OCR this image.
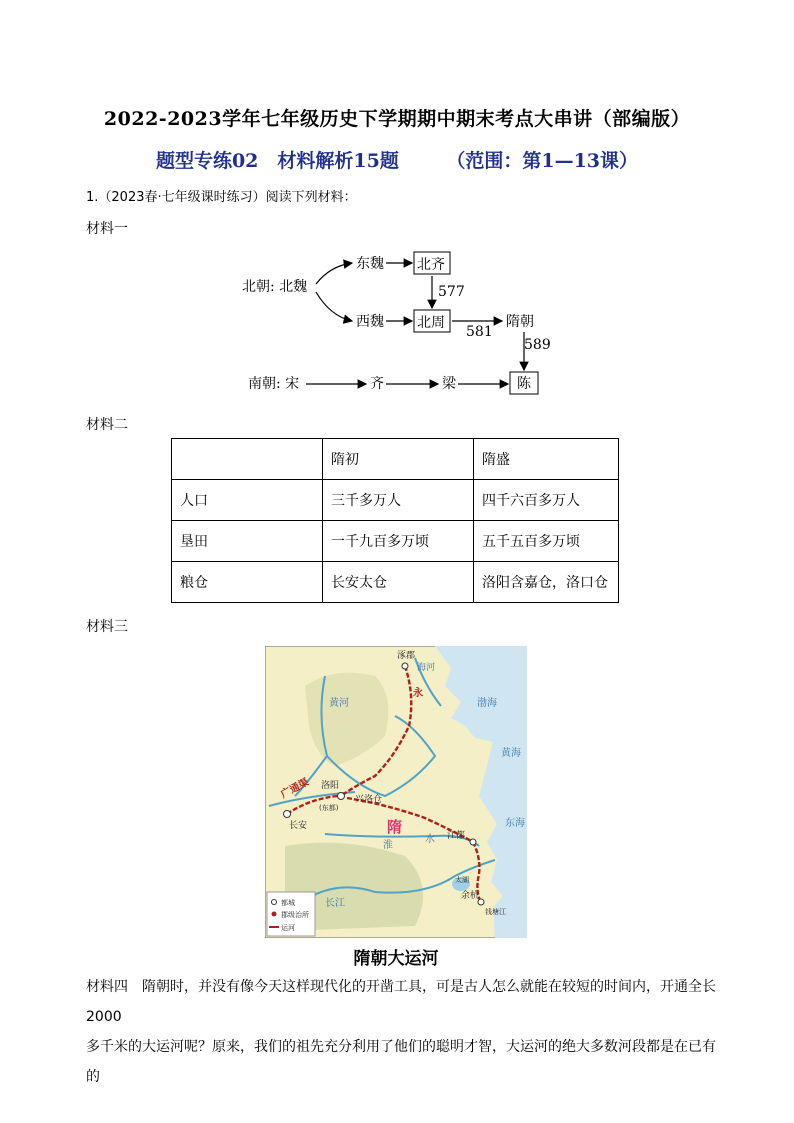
2022-2023学年七年级历史下学期期中期末考点大串讲（部编版）
题型专练02　材料解析15题　　　	（范围：第1—13课）
1.（2023春·七年级课时练习）阅读下列材料：
材料一
北朝: 北魏
东魏
西魏
北齐
北周	隋朝
577
581
589
南朝: 宋	齐	梁	陈
材料二
	隋初	隋盛
人口	三千多万人	四千六百多万人
垦田	一千九百多万顷	五千五百多万顷
粮仓	长安太仓	洛阳含嘉仓，洛口仓
材料三
涿郡
海河
洛阳
(东都)
兴洛仓
长安
江都
太湖
余杭
钱塘江
广通渠
永
隋
渤海
黄海
东海
黄河
淮
水
长江
都城
郡级治所
运河
隋朝大运河
材料四　 隋朝时，并没有像今天这样现代化的开凿工具，可是古人怎么就能在较短的时间内，开通全长2000
多千米的大运河呢？原来，我们的祖先充分利用了他们的聪明才智，大运河的绝大多数河段都是在已有的
